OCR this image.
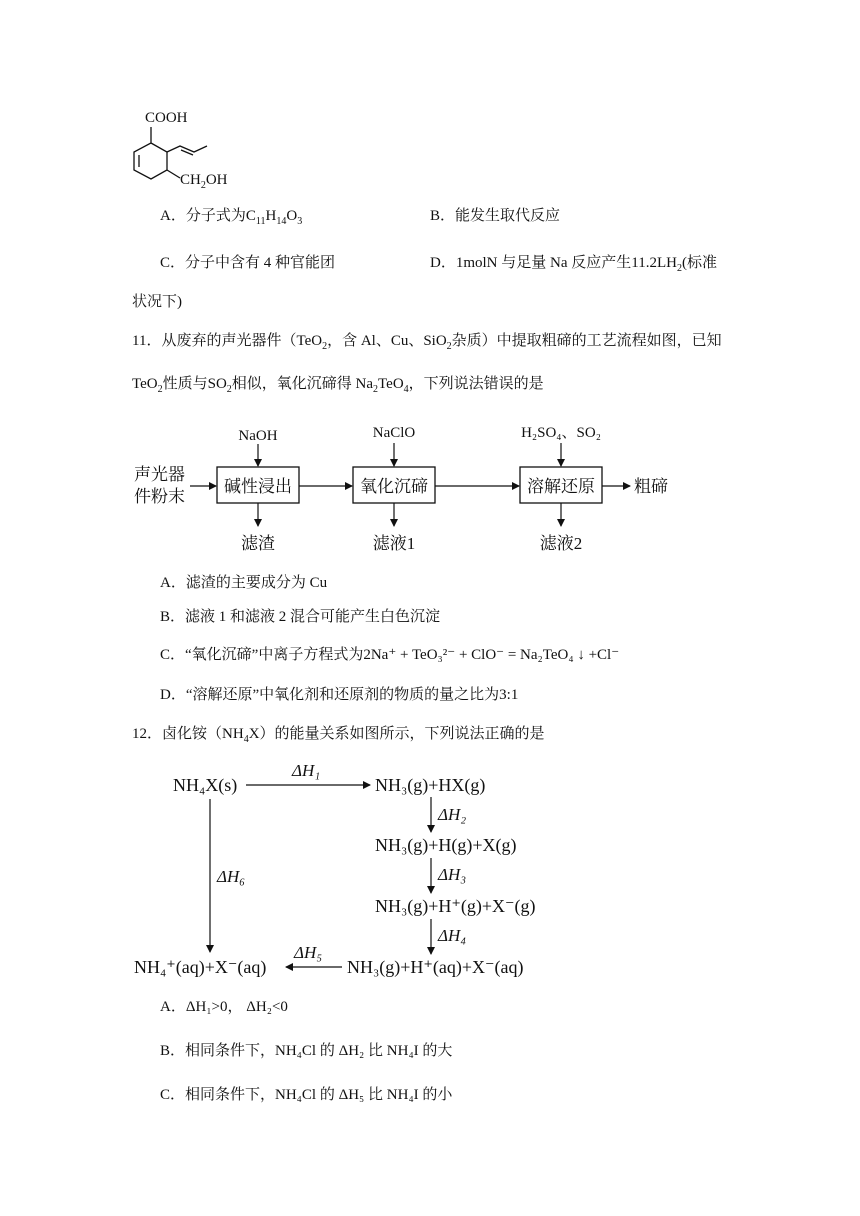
COOH
$CH_2OH$
A．分子式为$C_{11}H_{14}O_3$	B．能发生取代反应
C．分子中含有 4 种官能团	D．1molN 与足量 Na 反应产生$11.2LH_2$(标准
状况下)
11．从废弃的声光器件（TeO$_2$，含 Al、Cu、SiO$_2$杂质）中提取粗碲的工艺流程如图，已知
TeO$_2$性质与$SO_2$相似，氧化沉碲得 $Na_2TeO_4$，下列说法错误的是
声光器
件粉末
碱性浸出	氧化沉碲	溶解还原 粗碲
NaOH	NaClO	H₂SO₄、SO₂
滤渣	滤液1	滤液2
A．滤渣的主要成分为 Cu
B．滤液 1 和滤液 2 混合可能产生白色沉淀
C．“氧化沉碲”中离子方程式为2Na⁺ + TeO₃²⁻ + ClO⁻ = Na₂TeO₄ ↓ +Cl⁻
D．“溶解还原”中氧化剂和还原剂的物质的量之比为3:1
12．卤化铵$(NH_4X)$的能量关系如图所示，下列说法正确的是
NH₄X(s)
ΔH₁
NH₃(g)+HX(g)
ΔH₂
NH₃(g)+H(g)+X(g)
ΔH₃
NH₃(g)+H⁺(g)+X⁻(g)
ΔH₄
NH₃(g)+H⁺(aq)+X⁻(aq)
ΔH₅
NH₄⁺(aq)+X⁻(aq)
ΔH₆
A．ΔH₁>0， ΔH₂<0
B．相同条件下，NH₄Cl 的 ΔH₂ 比 NH₄I 的大
C．相同条件下，NH₄Cl 的 ΔH₅ 比 NH₄I 的小
